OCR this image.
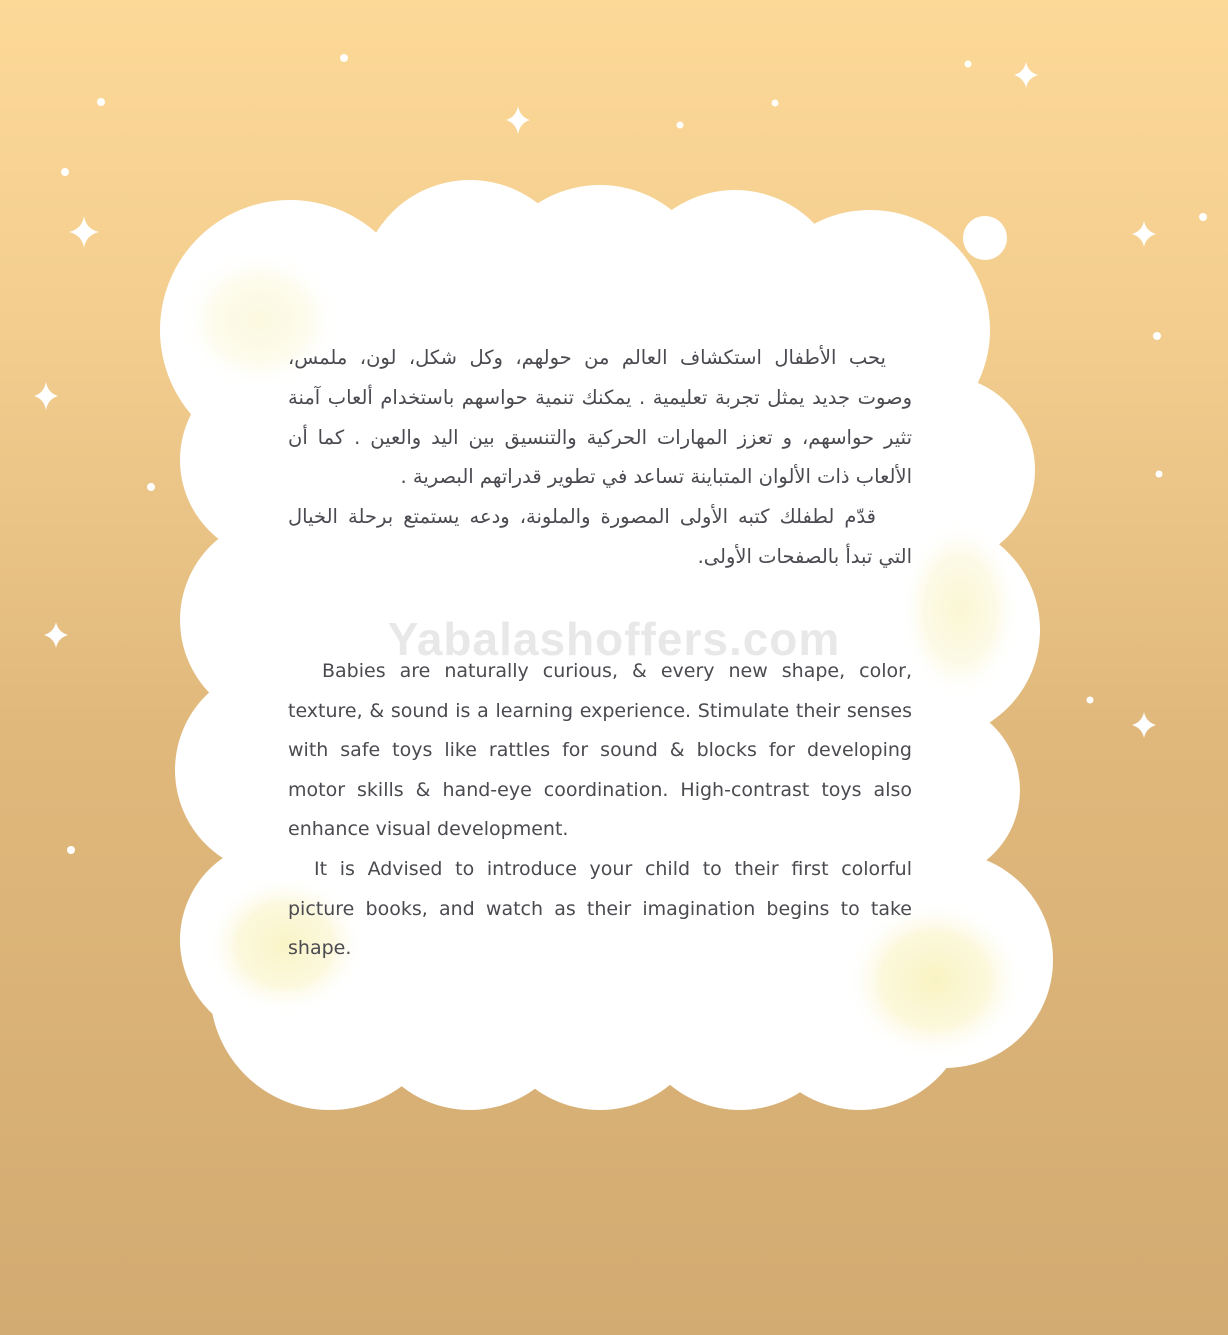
Yabalashoffers.com

يحب الأطفال استكشاف العالم من حولهم، وكل شكل، لون، ملمس، وصوت جديد يمثل تجربة تعليمية . يمكنك تنمية حواسهم باستخدام ألعاب آمنة تثير حواسهم، و تعزز المهارات الحركية والتنسيق بين اليد والعين . كما أن الألعاب ذات الألوان المتباينة تساعد في تطوير قدراتهم البصرية .

قدّم لطفلك كتبه الأولى المصورة والملونة، ودعه يستمتع برحلة الخيال التي تبدأ بالصفحات الأولى.

Babies are naturally curious, & every new shape, color, texture, & sound is a learning experience. Stimulate their senses with safe toys like rattles for sound & blocks for developing motor skills & hand-eye coordination. High-contrast toys also enhance visual development.

It is Advised to introduce your child to their first colorful picture books, and watch as their imagination begins to take shape.
